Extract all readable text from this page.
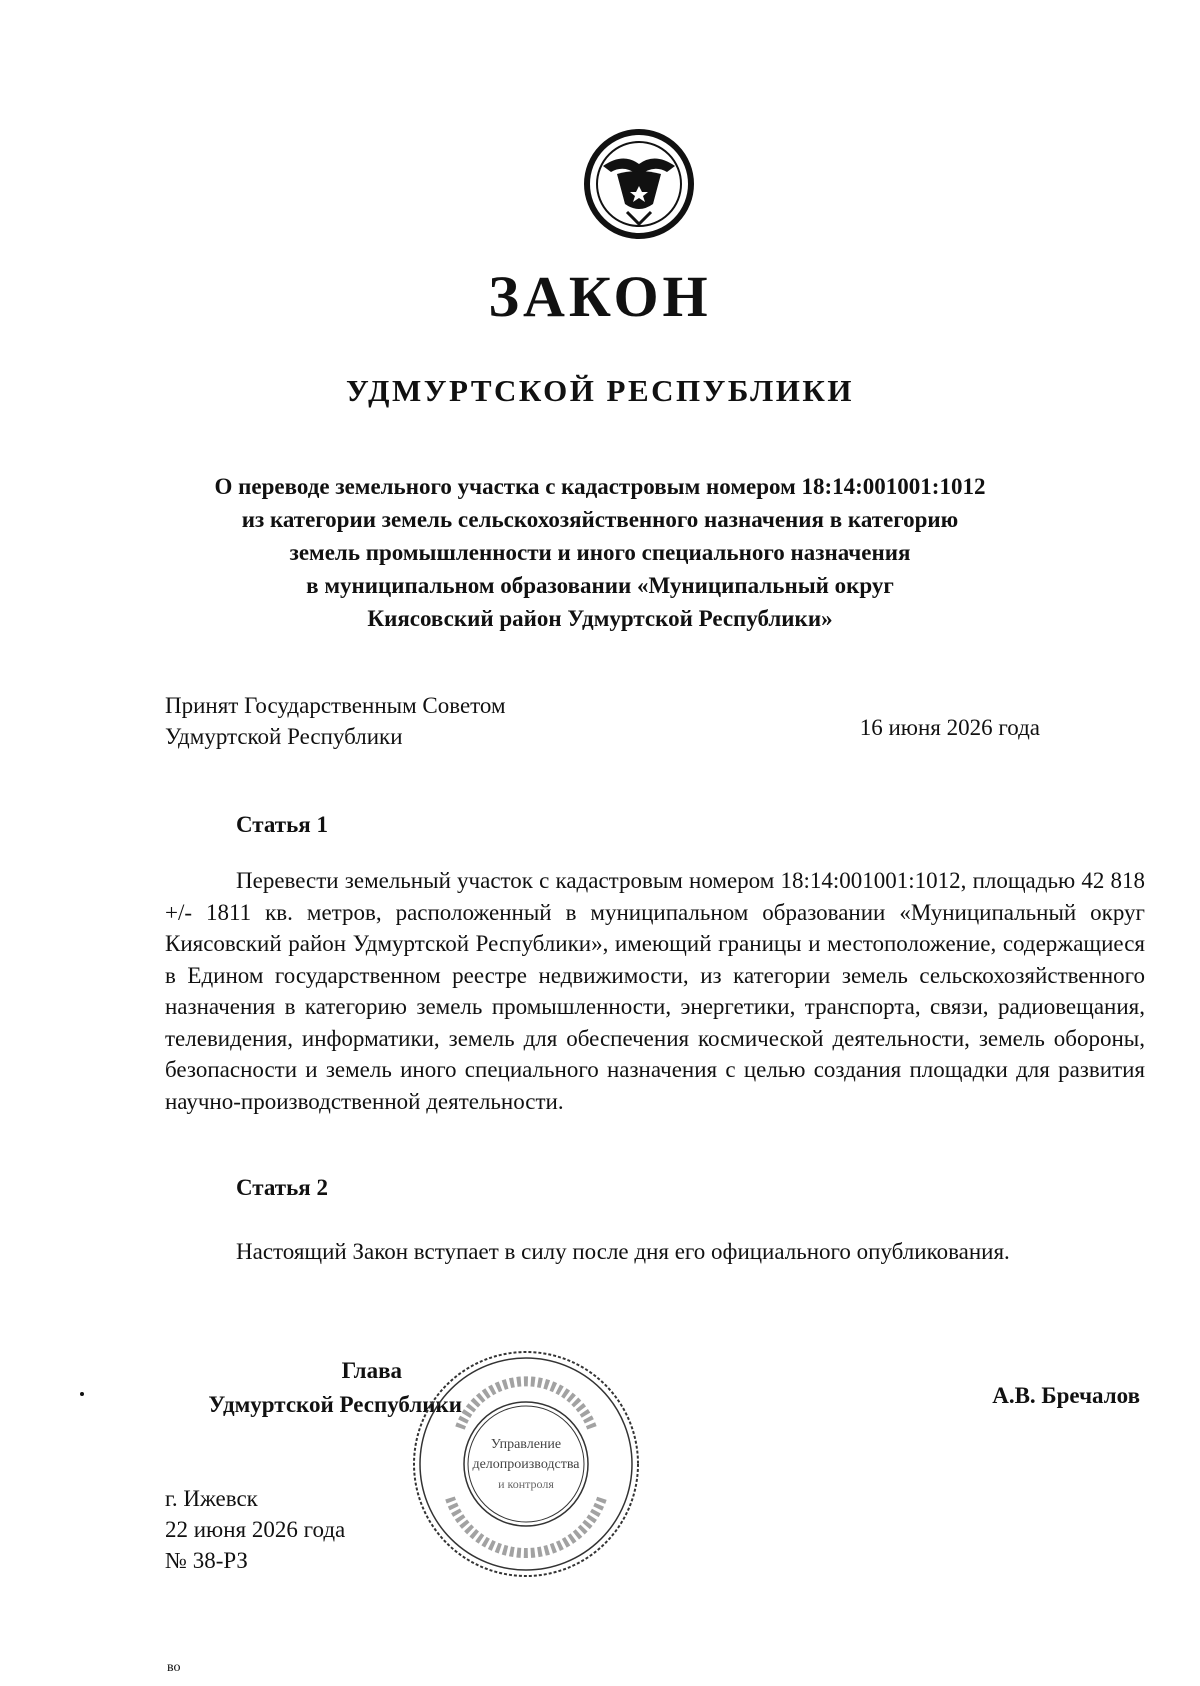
ЗАКОН
УДМУРТСКОЙ РЕСПУБЛИКИ
О переводе земельного участка с кадастровым номером 18:14:001001:1012
из категории земель сельскохозяйственного назначения в категорию
земель промышленности и иного специального назначения
в муниципальном образовании «Муниципальный округ
Киясовский район Удмуртской Республики»
Принят Государственным Советом
Удмуртской Республики	16 июня 2026 года
Статья 1
Перевести земельный участок с кадастровым номером 18:14:001001:1012, площадью 42 818 +/- 1811 кв. метров, расположенный в муниципальном образовании «Муниципальный округ Киясовский район Удмуртской Республики», имеющий границы и местоположение, содержащиеся в Едином государственном реестре недвижимости, из категории земель сельскохозяйственного назначения в категорию земель промышленности, энергетики, транспорта, связи, радиовещания, телевидения, информатики, земель для обеспечения космической деятельности, земель обороны, безопасности и земель иного специального назначения с целью создания площадки для развития научно-производственной деятельности.
Статья 2
Настоящий Закон вступает в силу после дня его официального опубликования.
Глава
Удмуртской Республики	А.В. Бречалов
Управление
делопроизводства
и контроля
г. Ижевск
22 июня 2026 года
№ 38-РЗ
во
